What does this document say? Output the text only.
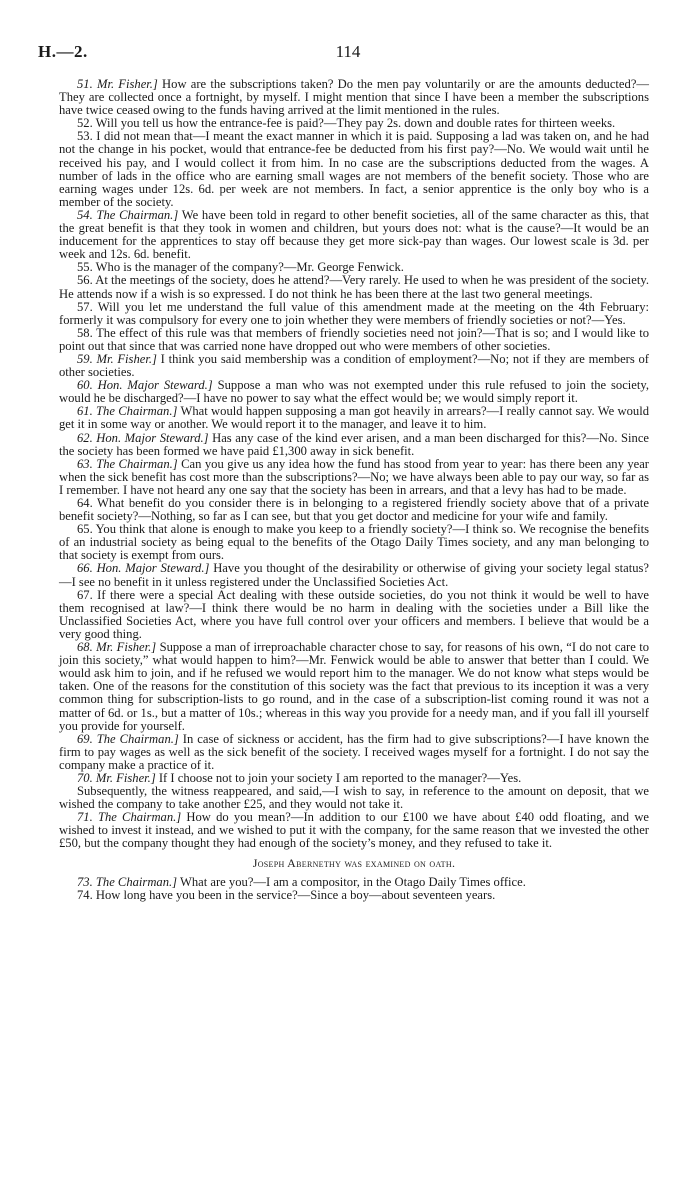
H.—2.	114

51. Mr. Fisher.] How are the subscriptions taken? Do the men pay voluntarily or are the amounts deducted?—They are collected once a fortnight, by myself. I might mention that since I have been a member the subscriptions have twice ceased owing to the funds having arrived at the limit mentioned in the rules.

52. Will you tell us how the entrance-fee is paid?—They pay 2s. down and double rates for thirteen weeks.

53. I did not mean that—I meant the exact manner in which it is paid. Supposing a lad was taken on, and he had not the change in his pocket, would that entrance-fee be deducted from his first pay?—No. We would wait until he received his pay, and I would collect it from him. In no case are the subscriptions deducted from the wages. A number of lads in the office who are earning small wages are not members of the benefit society. Those who are earning wages under 12s. 6d. per week are not members. In fact, a senior apprentice is the only boy who is a member of the society.

54. The Chairman.] We have been told in regard to other benefit societies, all of the same character as this, that the great benefit is that they took in women and children, but yours does not: what is the cause?—It would be an inducement for the apprentices to stay off because they get more sick-pay than wages. Our lowest scale is 3d. per week and 12s. 6d. benefit.

55. Who is the manager of the company?—Mr. George Fenwick.

56. At the meetings of the society, does he attend?—Very rarely. He used to when he was president of the society. He attends now if a wish is so expressed. I do not think he has been there at the last two general meetings.

57. Will you let me understand the full value of this amendment made at the meeting on the 4th February: formerly it was compulsory for every one to join whether they were members of friendly societies or not?—Yes.

58. The effect of this rule was that members of friendly societies need not join?—That is so; and I would like to point out that since that was carried none have dropped out who were members of other societies.

59. Mr. Fisher.] I think you said membership was a condition of employment?—No; not if they are members of other societies.

60. Hon. Major Steward.] Suppose a man who was not exempted under this rule refused to join the society, would he be discharged?—I have no power to say what the effect would be; we would simply report it.

61. The Chairman.] What would happen supposing a man got heavily in arrears?—I really cannot say. We would get it in some way or another. We would report it to the manager, and leave it to him.

62. Hon. Major Steward.] Has any case of the kind ever arisen, and a man been discharged for this?—No. Since the society has been formed we have paid £1,300 away in sick benefit.

63. The Chairman.] Can you give us any idea how the fund has stood from year to year: has there been any year when the sick benefit has cost more than the subscriptions?—No; we have always been able to pay our way, so far as I remember. I have not heard any one say that the society has been in arrears, and that a levy has had to be made.

64. What benefit do you consider there is in belonging to a registered friendly society above that of a private benefit society?—Nothing, so far as I can see, but that you get doctor and medicine for your wife and family.

65. You think that alone is enough to make you keep to a friendly society?—I think so. We recognise the benefits of an industrial society as being equal to the benefits of the Otago Daily Times society, and any man belonging to that society is exempt from ours.

66. Hon. Major Steward.] Have you thought of the desirability or otherwise of giving your society legal status?—I see no benefit in it unless registered under the Unclassified Societies Act.

67. If there were a special Act dealing with these outside societies, do you not think it would be well to have them recognised at law?—I think there would be no harm in dealing with the societies under a Bill like the Unclassified Societies Act, where you have full control over your officers and members. I believe that would be a very good thing.

68. Mr. Fisher.] Suppose a man of irreproachable character chose to say, for reasons of his own, “I do not care to join this society,” what would happen to him?—Mr. Fenwick would be able to answer that better than I could. We would ask him to join, and if he refused we would report him to the manager. We do not know what steps would be taken. One of the reasons for the constitution of this society was the fact that previous to its inception it was a very common thing for subscription-lists to go round, and in the case of a subscription-list coming round it was not a matter of 6d. or 1s., but a matter of 10s.; whereas in this way you provide for a needy man, and if you fall ill yourself you provide for yourself.

69. The Chairman.] In case of sickness or accident, has the firm had to give subscriptions?—I have known the firm to pay wages as well as the sick benefit of the society. I received wages myself for a fortnight. I do not say the company make a practice of it.

70. Mr. Fisher.] If I choose not to join your society I am reported to the manager?—Yes.

Subsequently, the witness reappeared, and said,—I wish to say, in reference to the amount on deposit, that we wished the company to take another £25, and they would not take it.

71. The Chairman.] How do you mean?—In addition to our £100 we have about £40 odd floating, and we wished to invest it instead, and we wished to put it with the company, for the same reason that we invested the other £50, but the company thought they had enough of the society’s money, and they refused to take it.

Joseph Abernethy was examined on oath.

73. The Chairman.] What are you?—I am a compositor, in the Otago Daily Times office.

74. How long have you been in the service?—Since a boy—about seventeen years.
